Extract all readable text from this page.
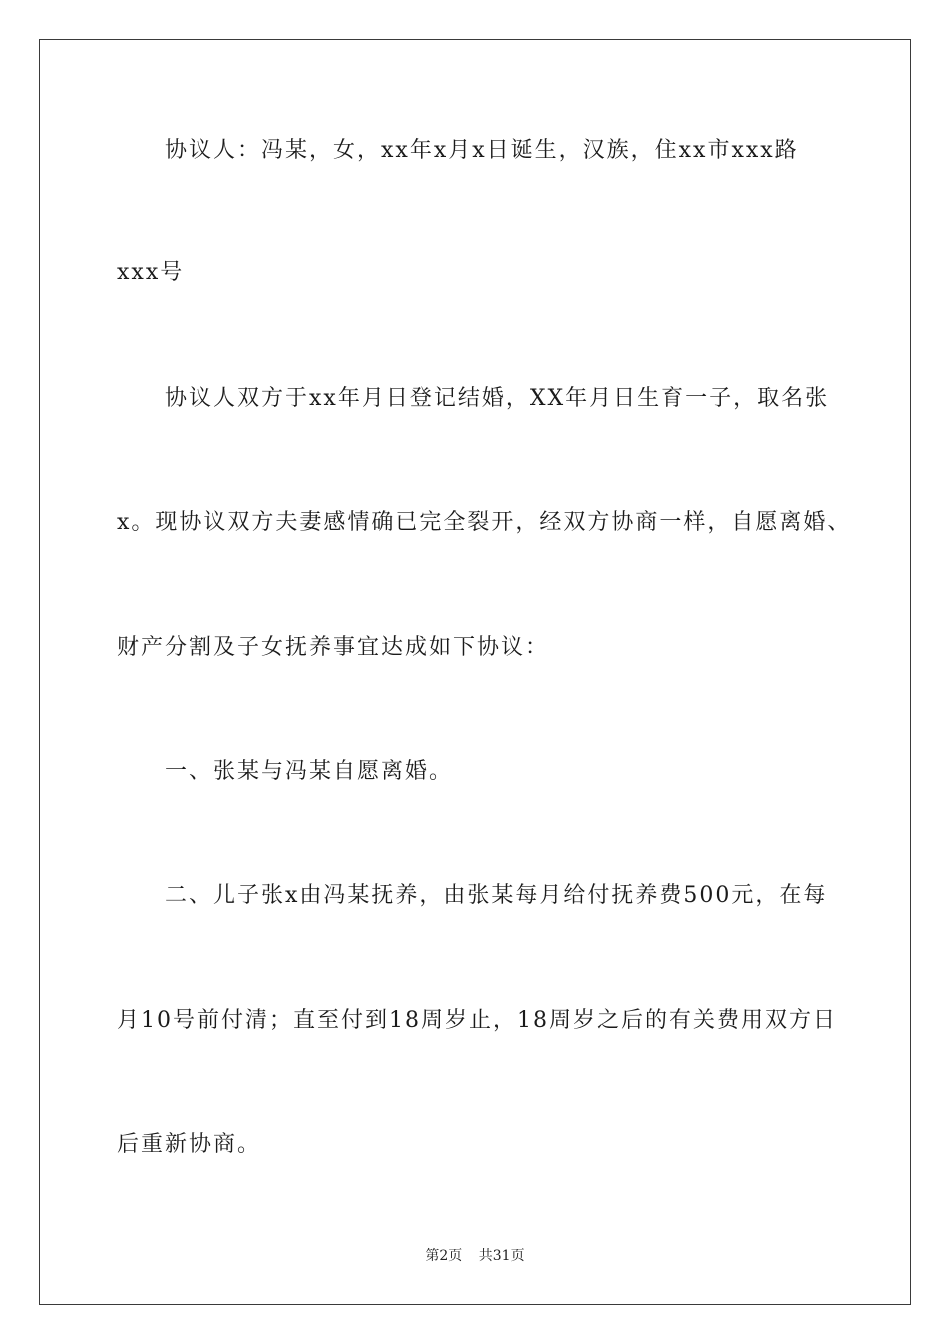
协议人：冯某，女，xx年x月x日诞生，汉族，住xx市xxx路
xxx号
协议人双方于xx年月日登记结婚，XX年月日生育一子，取名张
x。现协议双方夫妻感情确已完全裂开，经双方协商一样，自愿离婚、
财产分割及子女抚养事宜达成如下协议：
一、张某与冯某自愿离婚。
二、儿子张x由冯某抚养，由张某每月给付抚养费500元，在每
月10号前付清；直至付到18周岁止，18周岁之后的有关费用双方日
后重新协商。
第2页 共31页
